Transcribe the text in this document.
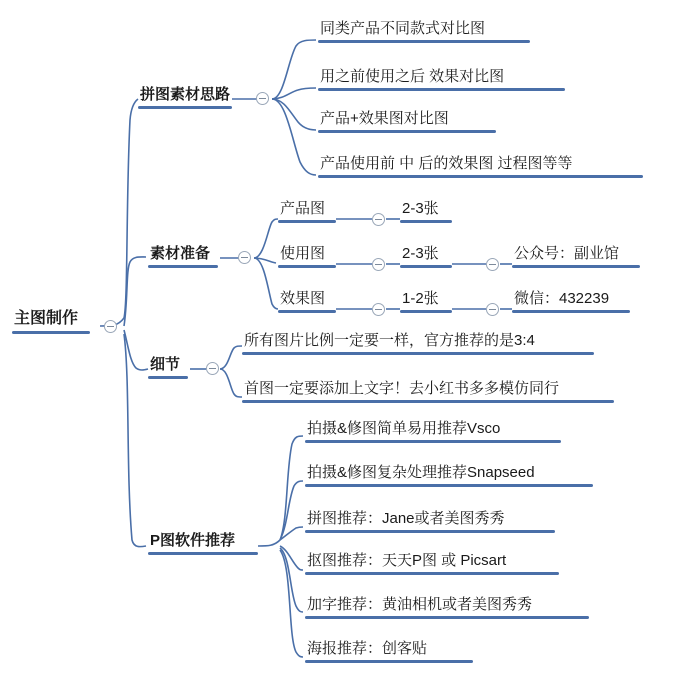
主图制作
拼图素材思路
同类产品不同款式对比图
用之前使用之后 效果对比图
产品+效果图对比图
产品使用前 中 后的效果图 过程图等等
素材准备
产品图	2-3张
使用图	2-3张	公众号：副业馆
效果图	1-2张	微信：432239
细节
所有图片比例一定要一样，官方推荐的是3:4
首图一定要添加上文字！去小红书多多模仿同行
P图软件推荐
拍摄&修图简单易用推荐Vsco
拍摄&修图复杂处理推荐Snapseed
拼图推荐：Jane或者美图秀秀
抠图推荐：天天P图 或 Picsart
加字推荐：黄油相机或者美图秀秀
海报推荐：创客贴
